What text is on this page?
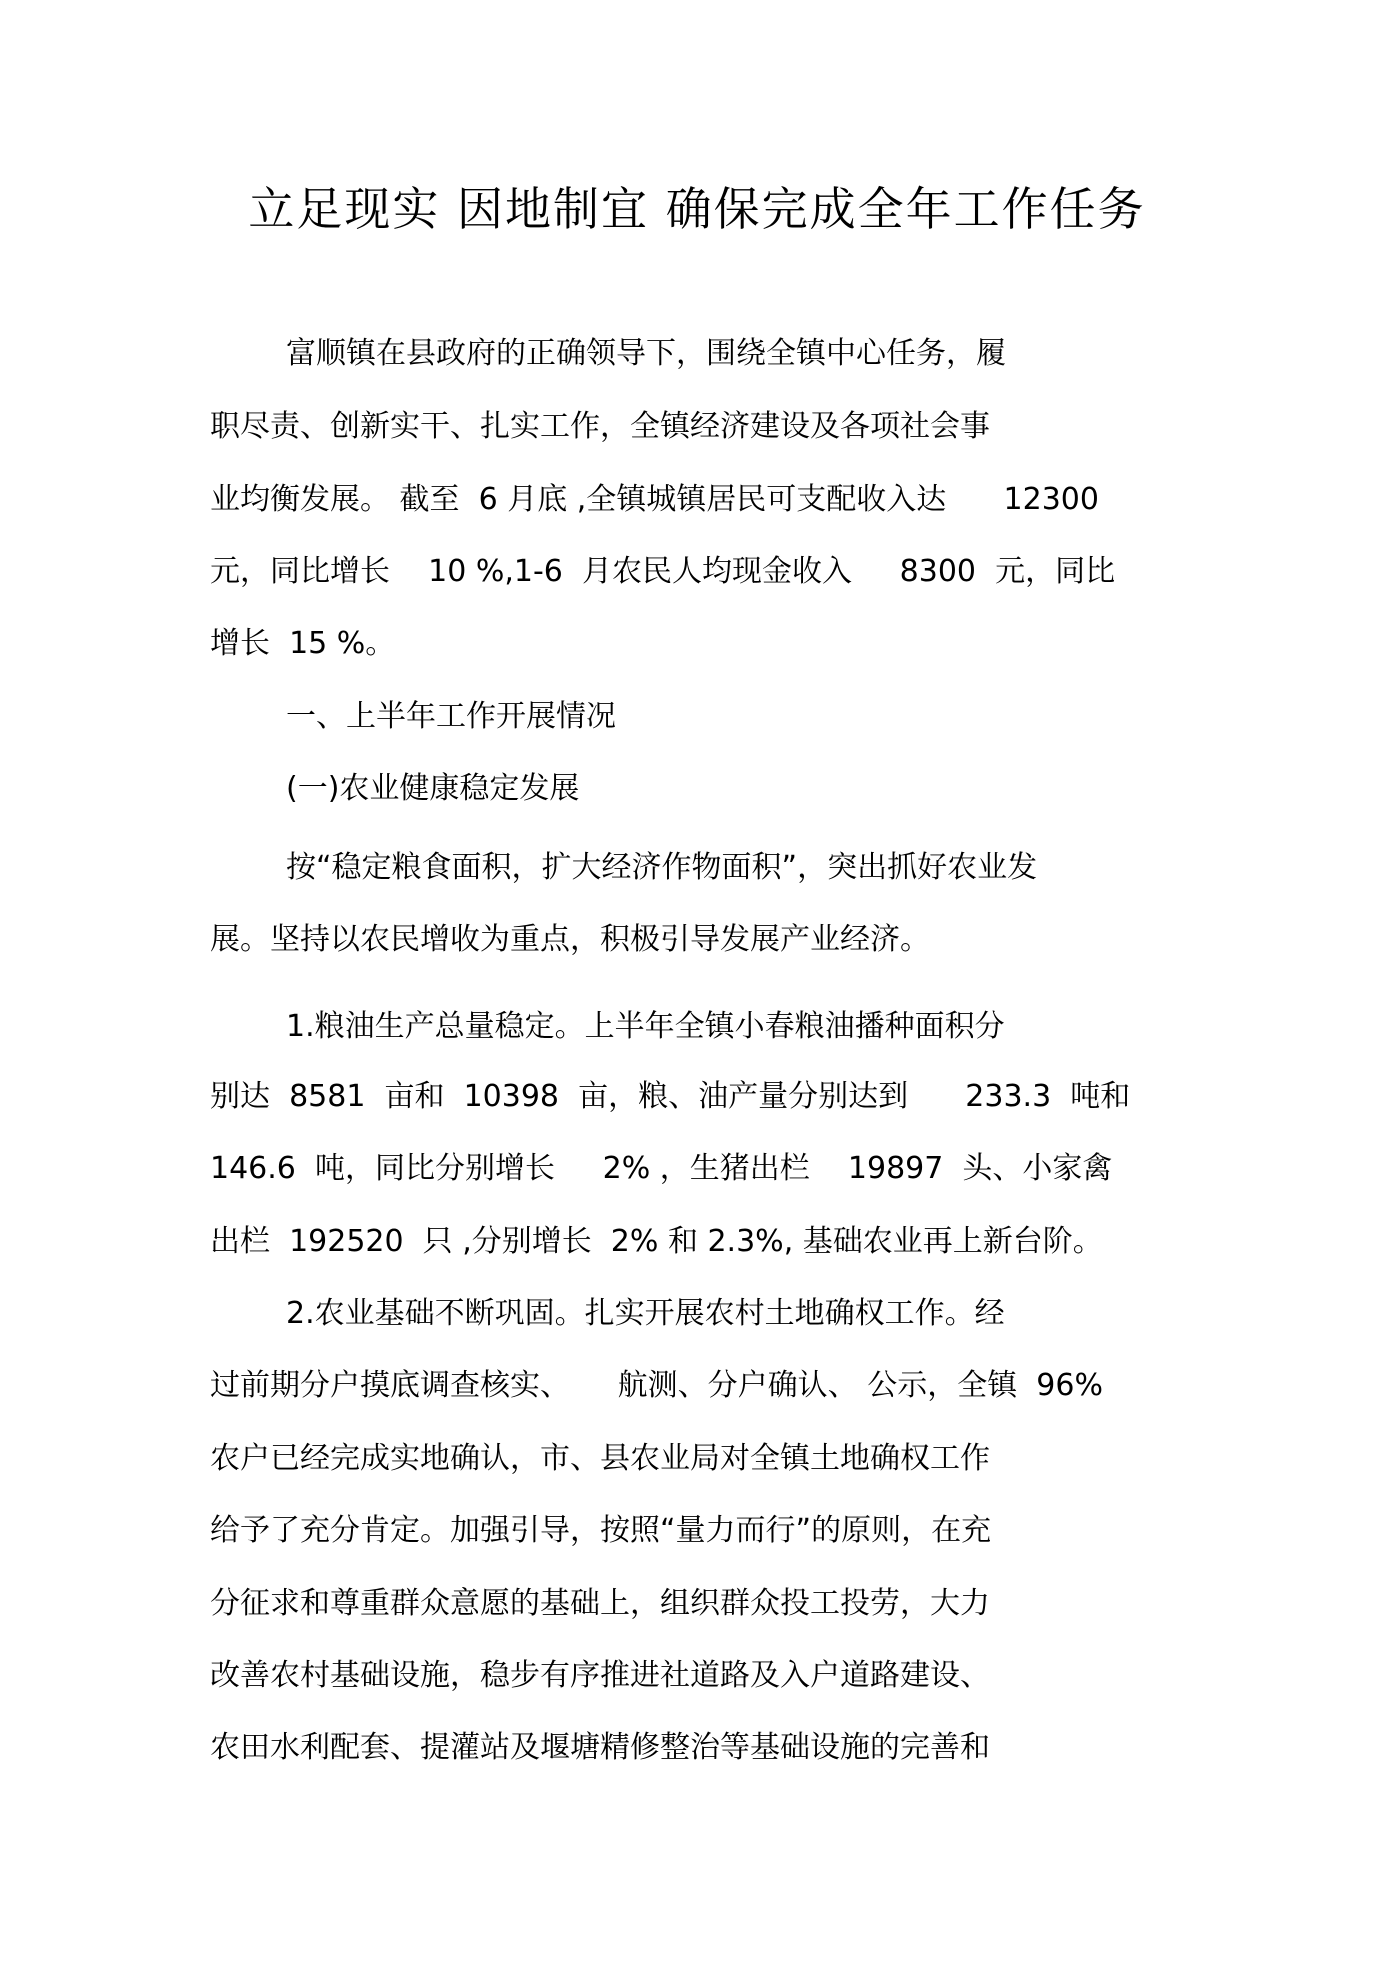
立足现实 因地制宜 确保完成全年工作任务

富顺镇在县政府的正确领导下，围绕全镇中心任务，履

职尽责、创新实干、扎实工作，全镇经济建设及各项社会事

业均衡发展。 截至  6 月底 ,全镇城镇居民可支配收入达      12300

元，同比增长    10 %,1-6  月农民人均现金收入     8300  元，同比

增长  15 %。

一、上半年工作开展情况

(一)农业健康稳定发展

按“稳定粮食面积，扩大经济作物面积”，突出抓好农业发

展。坚持以农民增收为重点，积极引导发展产业经济。

1.粮油生产总量稳定。上半年全镇小春粮油播种面积分

别达  8581  亩和  10398  亩，粮、油产量分别达到      233.3  吨和

146.6  吨，同比分别增长     2% ，生猪出栏    19897  头、小家禽

出栏  192520  只 ,分别增长  2% 和 2.3%, 基础农业再上新台阶。

2.农业基础不断巩固。扎实开展农村土地确权工作。经

过前期分户摸底调查核实、     航测、分户确认、 公示，全镇  96%

农户已经完成实地确认，市、县农业局对全镇土地确权工作

给予了充分肯定。加强引导，按照“量力而行”的原则，在充

分征求和尊重群众意愿的基础上，组织群众投工投劳，大力

改善农村基础设施，稳步有序推进社道路及入户道路建设、

农田水利配套、提灌站及堰塘精修整治等基础设施的完善和
